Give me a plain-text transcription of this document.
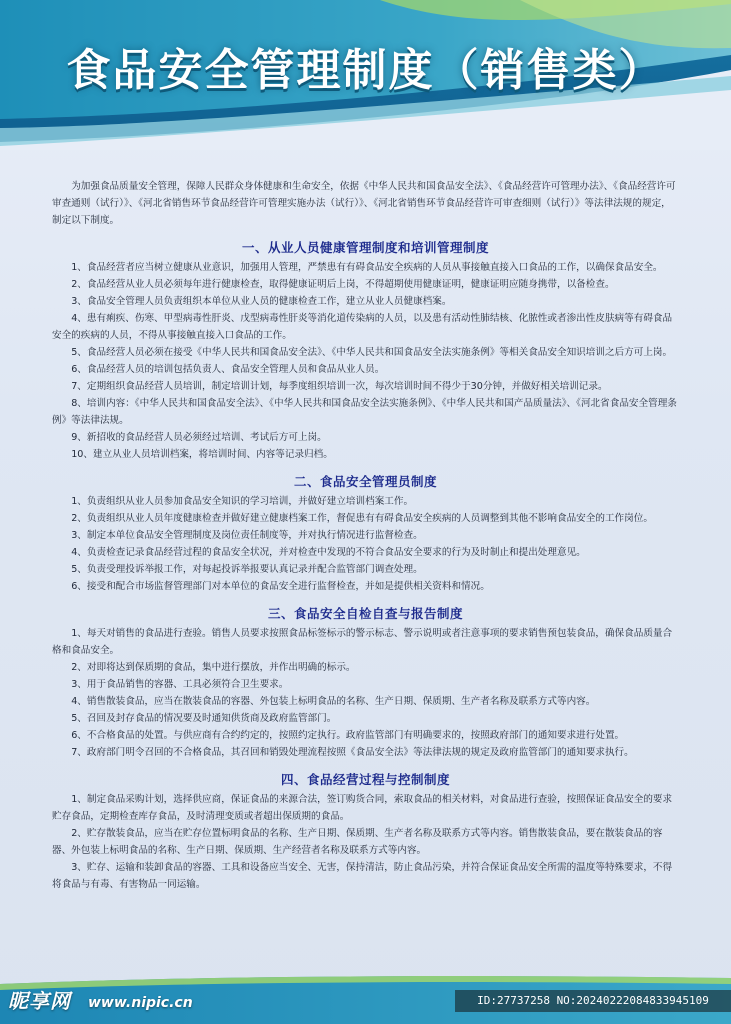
食品安全管理制度（销售类）

为加强食品质量安全管理，保障人民群众身体健康和生命安全，依据《中华人民共和国食品安全法》、《食品经营许可管理办法》、《食品经营许可审查通则（试行）》、《河北省销售环节食品经营许可管理实施办法（试行）》、《河北省销售环节食品经营许可审查细则（试行）》等法律法规的规定，制定以下制度。

一、从业人员健康管理制度和培训管理制度

1、食品经营者应当树立健康从业意识，加强用人管理，严禁患有有碍食品安全疾病的人员从事接触直接入口食品的工作，以确保食品安全。

2、食品经营从业人员必须每年进行健康检查，取得健康证明后上岗，不得超期使用健康证明，健康证明应随身携带，以备检查。

3、食品安全管理人员负责组织本单位从业人员的健康检查工作，建立从业人员健康档案。

4、患有痢疾、伤寒、甲型病毒性肝炎、戊型病毒性肝炎等消化道传染病的人员，以及患有活动性肺结核、化脓性或者渗出性皮肤病等有碍食品安全的疾病的人员，不得从事接触直接入口食品的工作。

5、食品经营人员必须在接受《中华人民共和国食品安全法》、《中华人民共和国食品安全法实施条例》等相关食品安全知识培训之后方可上岗。

6、食品经营人员的培训包括负责人、食品安全管理人员和食品从业人员。

7、定期组织食品经营人员培训，制定培训计划，每季度组织培训一次，每次培训时间不得少于30分钟，并做好相关培训记录。

8、培训内容：《中华人民共和国食品安全法》、《中华人民共和国食品安全法实施条例》、《中华人民共和国产品质量法》、《河北省食品安全管理条例》等法律法规。

9、新招收的食品经营人员必须经过培训、考试后方可上岗。

10、建立从业人员培训档案，将培训时间、内容等记录归档。

二、食品安全管理员制度

1、负责组织从业人员参加食品安全知识的学习培训，并做好建立培训档案工作。

2、负责组织从业人员年度健康检查并做好建立健康档案工作，督促患有有碍食品安全疾病的人员调整到其他不影响食品安全的工作岗位。

3、制定本单位食品安全管理制度及岗位责任制度等，并对执行情况进行监督检查。

4、负责检查记录食品经营过程的食品安全状况，并对检查中发现的不符合食品安全要求的行为及时制止和提出处理意见。

5、负责受理投诉举报工作，对每起投诉举报要认真记录并配合监管部门调查处理。

6、接受和配合市场监督管理部门对本单位的食品安全进行监督检查，并如是提供相关资料和情况。

三、食品安全自检自查与报告制度

1、每天对销售的食品进行查验。销售人员要求按照食品标签标示的警示标志、警示说明或者注意事项的要求销售预包装食品，确保食品质量合格和食品安全。

2、对即将达到保质期的食品，集中进行摆放，并作出明确的标示。

3、用于食品销售的容器、工具必须符合卫生要求。

4、销售散装食品，应当在散装食品的容器、外包装上标明食品的名称、生产日期、保质期、生产者名称及联系方式等内容。

5、召回及封存食品的情况要及时通知供货商及政府监管部门。

6、不合格食品的处置。与供应商有合约约定的，按照约定执行。政府监管部门有明确要求的，按照政府部门的通知要求进行处置。

7、政府部门明令召回的不合格食品，其召回和销毁处理流程按照《食品安全法》等法律法规的规定及政府监管部门的通知要求执行。

四、食品经营过程与控制制度

1、制定食品采购计划，选择供应商，保证食品的来源合法，签订购货合同，索取食品的相关材料，对食品进行查验，按照保证食品安全的要求贮存食品，定期检查库存食品，及时清理变质或者超出保质期的食品。

2、贮存散装食品，应当在贮存位置标明食品的名称、生产日期、保质期、生产者名称及联系方式等内容。销售散装食品，要在散装食品的容器、外包装上标明食品的名称、生产日期、保质期、生产经营者名称及联系方式等内容。

3、贮存、运输和装卸食品的容器、工具和设备应当安全、无害，保持清洁，防止食品污染，并符合保证食品安全所需的温度等特殊要求，不得将食品与有毒、有害物品一同运输。

昵享网 www.nipic.cn	ID:27737258 NO:20240222084833945109
